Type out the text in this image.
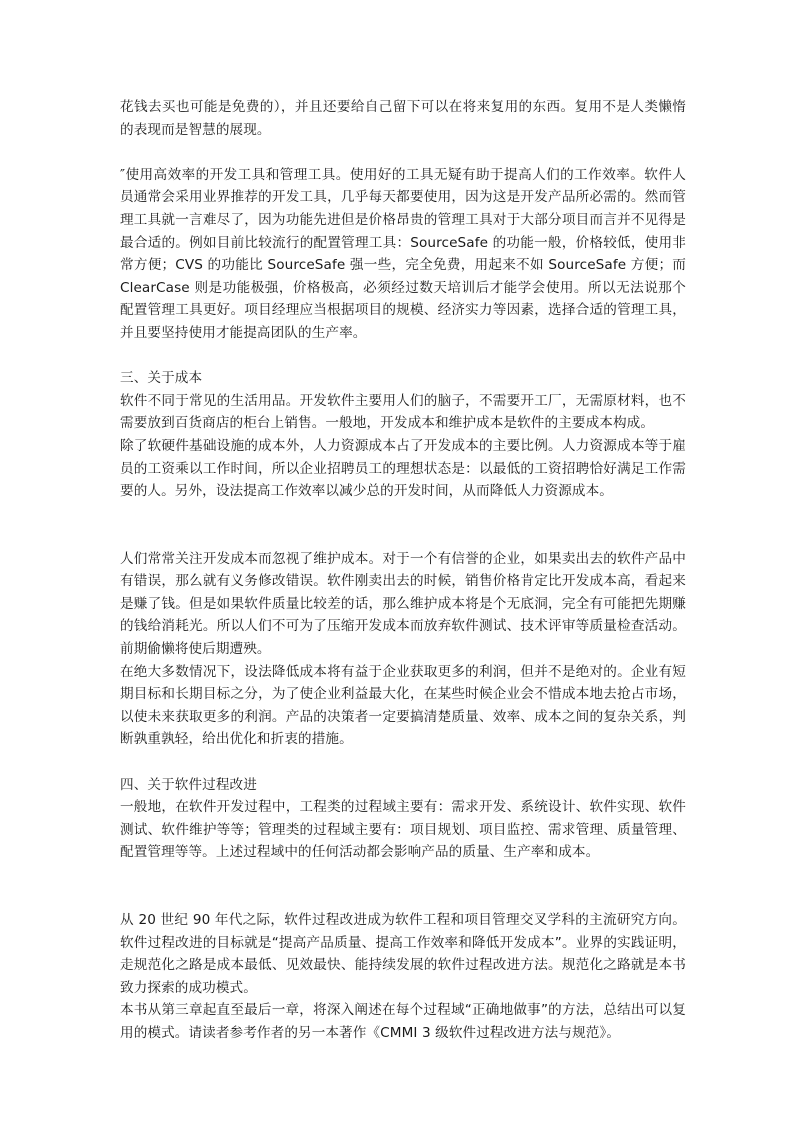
花钱去买也可能是免费的），并且还要给自己留下可以在将来复用的东西。复用不是人类懒惰的表现而是智慧的展现。

″使用高效率的开发工具和管理工具。使用好的工具无疑有助于提高人们的工作效率。软件人员通常会采用业界推荐的开发工具，几乎每天都要使用，因为这是开发产品所必需的。然而管理工具就一言难尽了，因为功能先进但是价格昂贵的管理工具对于大部分项目而言并不见得是最合适的。例如目前比较流行的配置管理工具：SourceSafe 的功能一般，价格较低，使用非常方便；CVS 的功能比 SourceSafe 强一些，完全免费，用起来不如 SourceSafe 方便；而 ClearCase 则是功能极强，价格极高，必须经过数天培训后才能学会使用。所以无法说那个配置管理工具更好。项目经理应当根据项目的规模、经济实力等因素，选择合适的管理工具，并且要坚持使用才能提高团队的生产率。

三、关于成本

软件不同于常见的生活用品。开发软件主要用人们的脑子，不需要开工厂，无需原材料，也不需要放到百货商店的柜台上销售。一般地，开发成本和维护成本是软件的主要成本构成。

除了软硬件基础设施的成本外，人力资源成本占了开发成本的主要比例。人力资源成本等于雇员的工资乘以工作时间，所以企业招聘员工的理想状态是：以最低的工资招聘恰好满足工作需要的人。另外，设法提高工作效率以减少总的开发时间，从而降低人力资源成本。

人们常常关注开发成本而忽视了维护成本。对于一个有信誉的企业，如果卖出去的软件产品中有错误，那么就有义务修改错误。软件刚卖出去的时候，销售价格肯定比开发成本高，看起来是赚了钱。但是如果软件质量比较差的话，那么维护成本将是个无底洞，完全有可能把先期赚的钱给消耗光。所以人们不可为了压缩开发成本而放弃软件测试、技术评审等质量检查活动。前期偷懒将使后期遭殃。

在绝大多数情况下，设法降低成本将有益于企业获取更多的利润，但并不是绝对的。企业有短期目标和长期目标之分，为了使企业利益最大化，在某些时候企业会不惜成本地去抢占市场，以使未来获取更多的利润。产品的决策者一定要搞清楚质量、效率、成本之间的复杂关系，判断孰重孰轻，给出优化和折衷的措施。

四、关于软件过程改进

一般地，在软件开发过程中，工程类的过程域主要有：需求开发、系统设计、软件实现、软件测试、软件维护等等；管理类的过程域主要有：项目规划、项目监控、需求管理、质量管理、配置管理等等。上述过程域中的任何活动都会影响产品的质量、生产率和成本。

从 20 世纪 90 年代之际，软件过程改进成为软件工程和项目管理交叉学科的主流研究方向。软件过程改进的目标就是“提高产品质量、提高工作效率和降低开发成本”。业界的实践证明，走规范化之路是成本最低、见效最快、能持续发展的软件过程改进方法。规范化之路就是本书致力探索的成功模式。

本书从第三章起直至最后一章，将深入阐述在每个过程域“正确地做事”的方法，总结出可以复用的模式。请读者参考作者的另一本著作《CMMI 3 级软件过程改进方法与规范》。
